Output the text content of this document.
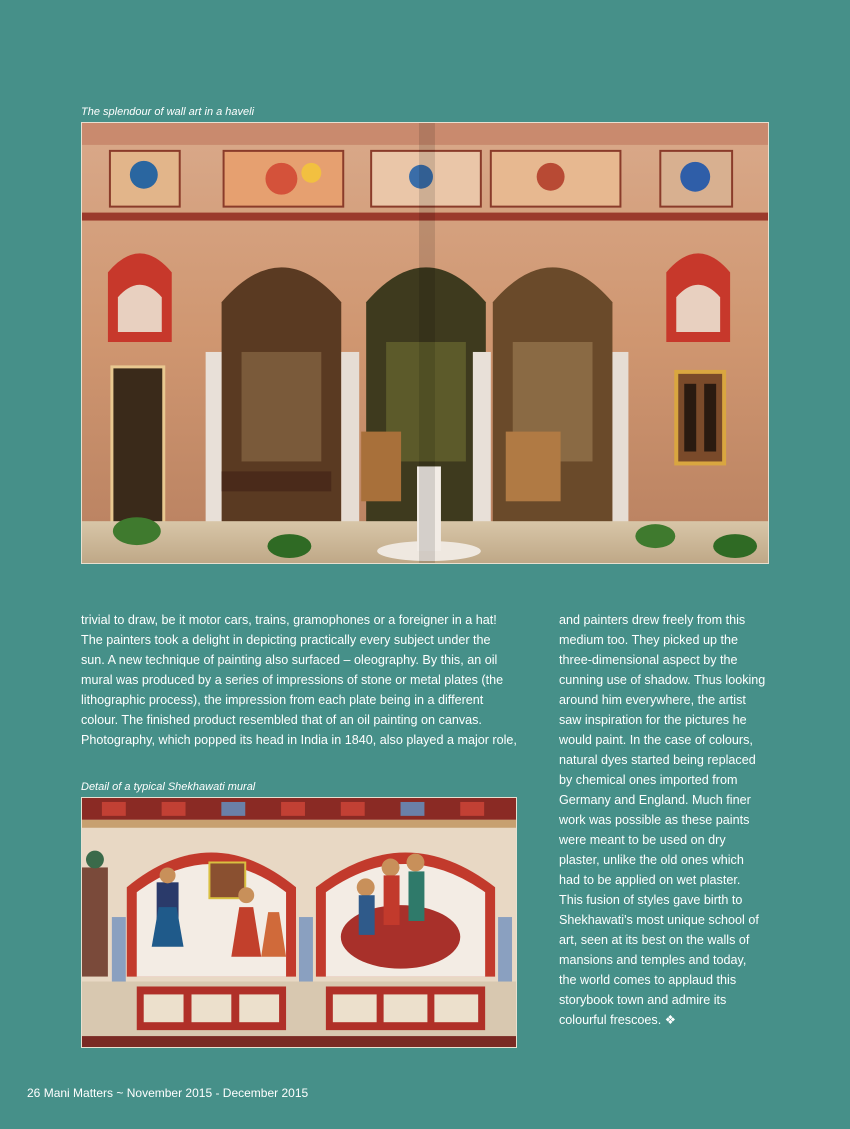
The splendour of wall art in a haveli

trivial to draw, be it motor cars, trains, gramophones or a foreigner in a hat!
The painters took a delight in depicting practically every subject under the
sun. A new technique of painting also surfaced – oleography. By this, an oil
mural was produced by a series of impressions of stone or metal plates (the
lithographic process), the impression from each plate being in a different
colour. The finished product resembled that of an oil painting on canvas.
Photography, which popped its head in India in 1840, also played a major role,

Detail of a typical Shekhawati mural

and painters drew freely from this
medium too. They picked up the
three-dimensional aspect by the
cunning use of shadow. Thus looking
around him everywhere, the artist
saw inspiration for the pictures he
would paint. In the case of colours,
natural dyes started being replaced
by chemical ones imported from
Germany and England. Much finer
work was possible as these paints
were meant to be used on dry
plaster, unlike the old ones which
had to be applied on wet plaster.
This fusion of styles gave birth to
Shekhawati's most unique school of
art, seen at its best on the walls of
mansions and temples and today,
the world comes to applaud this
storybook town and admire its
colourful frescoes. ❖
26 Mani Matters ~ November 2015 - December 2015
